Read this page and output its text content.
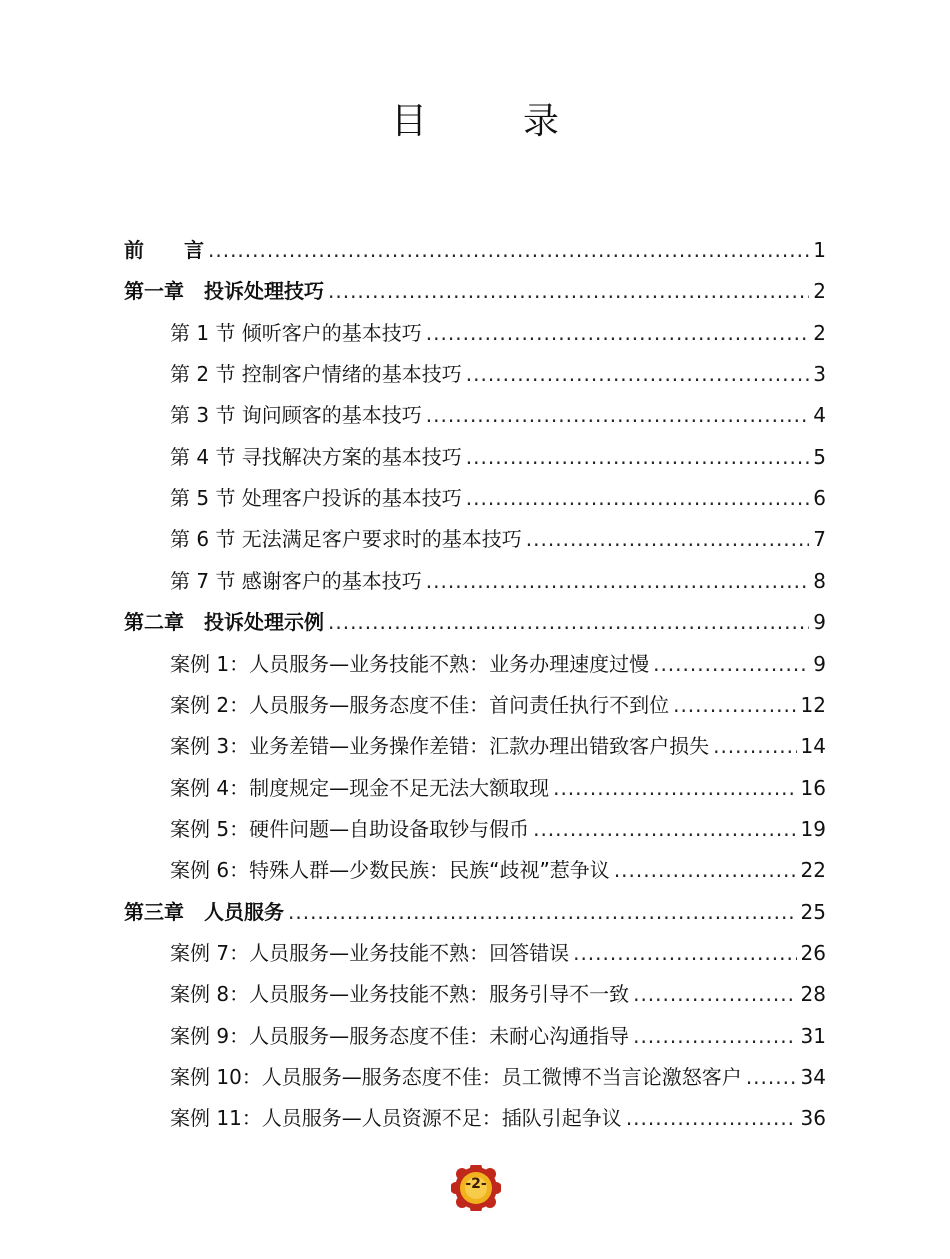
目　录
前　　言 .....	1
第一章　投诉处理技巧 .....	2
第 1 节 倾听客户的基本技巧 .....	2
第 2 节 控制客户情绪的基本技巧 .....	3
第 3 节 询问顾客的基本技巧 .....	4
第 4 节 寻找解决方案的基本技巧 .....	5
第 5 节 处理客户投诉的基本技巧 .....	6
第 6 节 无法满足客户要求时的基本技巧 .....	7
第 7 节 感谢客户的基本技巧 .....	8
第二章　投诉处理示例 .....	9
案例 1：人员服务—业务技能不熟：业务办理速度过慢 .....	9
案例 2：人员服务—服务态度不佳：首问责任执行不到位 .....	12
案例 3：业务差错—业务操作差错：汇款办理出错致客户损失 .....	14
案例 4：制度规定—现金不足无法大额取现 .....	16
案例 5：硬件问题—自助设备取钞与假币 .....	19
案例 6：特殊人群—少数民族：民族“歧视”惹争议 .....	22
第三章　人员服务 .....	25
案例 7：人员服务—业务技能不熟：回答错误 .....	26
案例 8：人员服务—业务技能不熟：服务引导不一致 .....	28
案例 9：人员服务—服务态度不佳：未耐心沟通指导 .....	31
案例 10：人员服务—服务态度不佳：员工微博不当言论激怒客户 .....	34
案例 11：人员服务—人员资源不足：插队引起争议 .....	36
-2-
